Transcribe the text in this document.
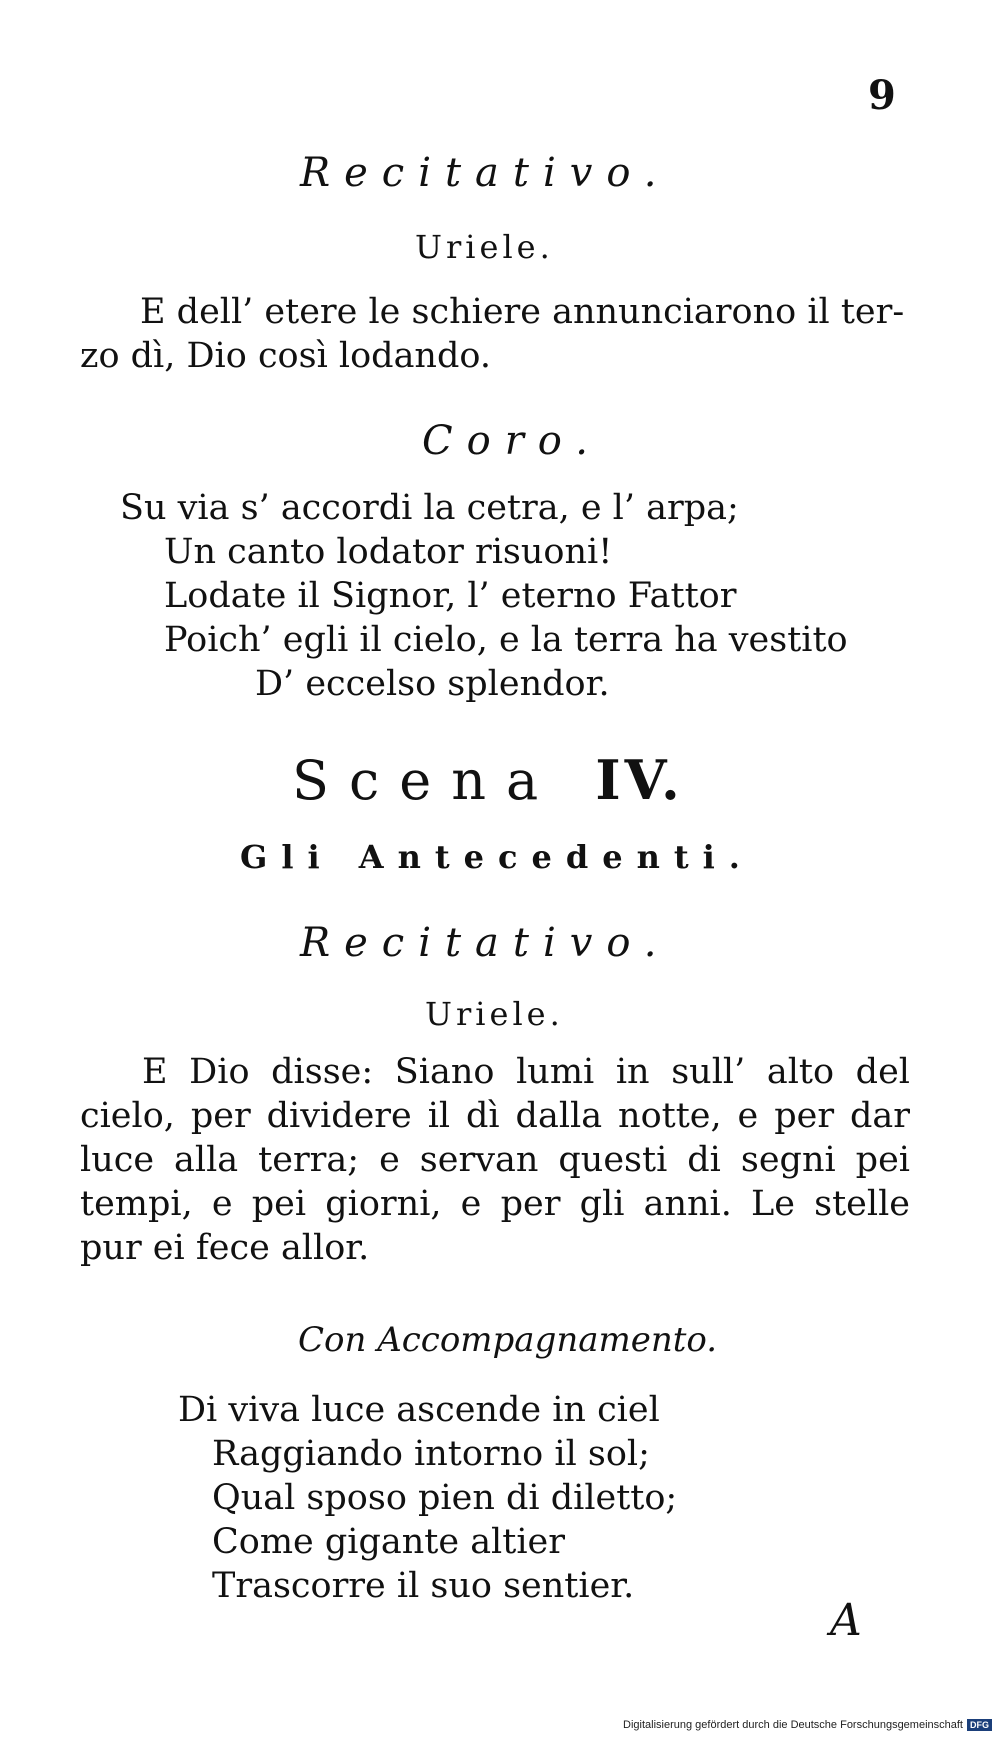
9
Recitativo.
Uriele.
E dell’ etere le schiere annunciarono il ter-
zo dì, Dio così lodando.
Coro.
Su via s’ accordi la cetra, e l’ arpa;
Un canto lodator risuoni!
Lodate il Signor, l’ eterno Fattor
Poich’ egli il cielo, e la terra ha vestito
D’ eccelso splendor.
Scena IV.
Gli Antecedenti.
Recitativo.
Uriele.

E Dio disse: Siano lumi in sull’ alto del cielo, per dividere il dì dalla notte, e per dar luce alla terra; e servan questi di segni pei tempi, e pei giorni, e per gli anni. Le stelle pur ei fece allor.

Con Accompagnamento.
Di viva luce ascende in ciel
Raggiando intorno il sol;
Qual sposo pien di diletto;
Come gigante altier
Trascorre il suo sentier.
A
Digitalisierung gefördert durch die Deutsche Forschungsgemeinschaft DFG
